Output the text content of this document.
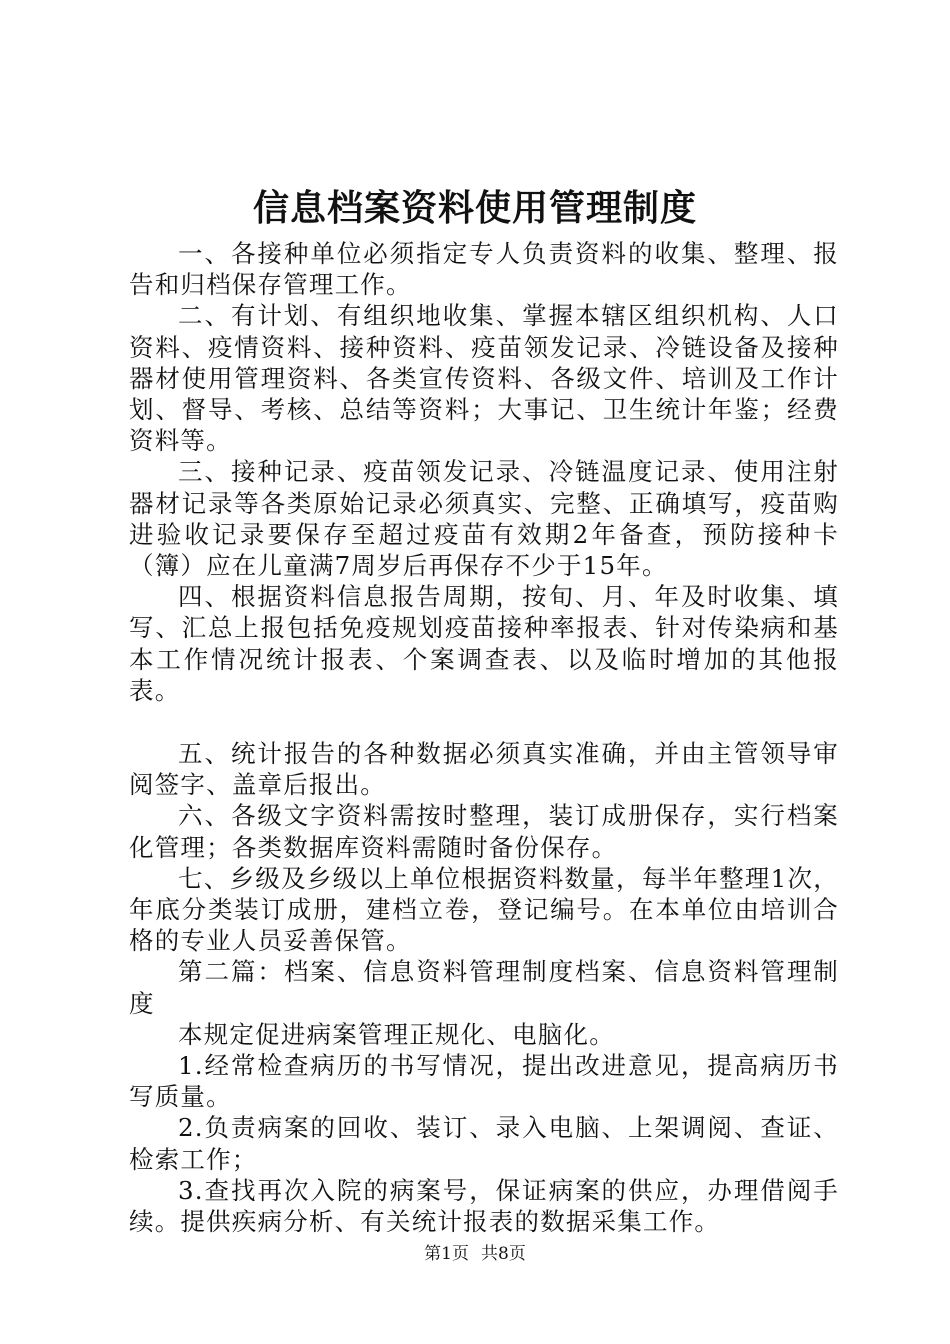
信息档案资料使用管理制度

一、各接种单位必须指定专人负责资料的收集、整理、报告和归档保存管理工作。

二、有计划、有组织地收集、掌握本辖区组织机构、人口资料、疫情资料、接种资料、疫苗领发记录、冷链设备及接种器材使用管理资料、各类宣传资料、各级文件、培训及工作计划、督导、考核、总结等资料；大事记、卫生统计年鉴；经费资料等。

三、接种记录、疫苗领发记录、冷链温度记录、使用注射器材记录等各类原始记录必须真实、完整、正确填写，疫苗购进验收记录要保存至超过疫苗有效期2年备查，预防接种卡（簿）应在儿童满7周岁后再保存不少于15年。

四、根据资料信息报告周期，按旬、月、年及时收集、填写、汇总上报包括免疫规划疫苗接种率报表、针对传染病和基本工作情况统计报表、个案调查表、以及临时增加的其他报表。

五、统计报告的各种数据必须真实准确，并由主管领导审阅签字、盖章后报出。

六、各级文字资料需按时整理，装订成册保存，实行档案化管理；各类数据库资料需随时备份保存。

七、乡级及乡级以上单位根据资料数量，每半年整理1次，年底分类装订成册，建档立卷，登记编号。在本单位由培训合格的专业人员妥善保管。

第二篇：档案、信息资料管理制度档案、信息资料管理制度

本规定促进病案管理正规化、电脑化。

1.经常检查病历的书写情况，提出改进意见，提高病历书写质量。

2.负责病案的回收、装订、录入电脑、上架调阅、查证、检索工作；

3.查找再次入院的病案号，保证病案的供应，办理借阅手续。提供疾病分析、有关统计报表的数据采集工作。

第1页 共8页
